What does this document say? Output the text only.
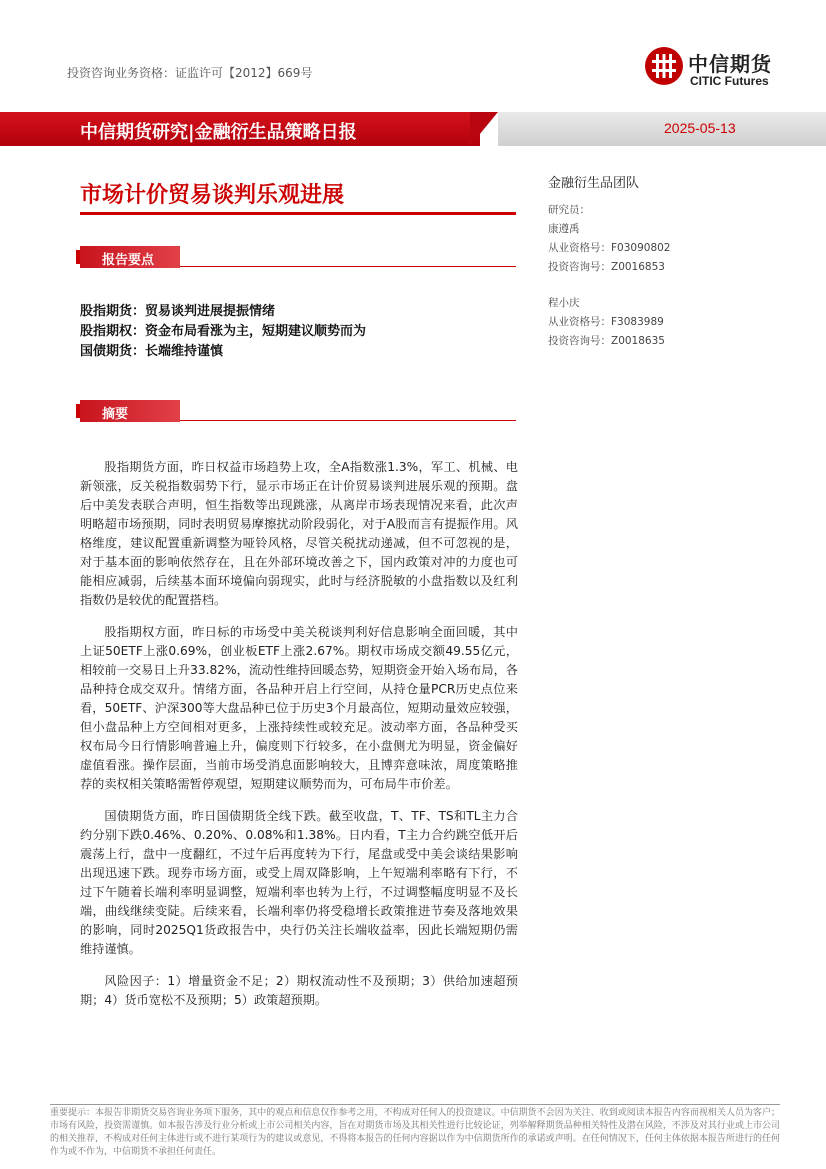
投资咨询业务资格：证监许可【2012】669号	中信期货
CITIC Futures
中信期货研究|金融衍生品策略日报	2025-05-13
市场计价贸易谈判乐观进展
报告要点
股指期货：贸易谈判进展提振情绪
股指期权：资金布局看涨为主，短期建议顺势而为
国债期货：长端维持谨慎
摘要

股指期货方面，昨日权益市场趋势上攻，全A指数涨1.3%，军工、机械、电新领涨，反关税指数弱势下行，显示市场正在计价贸易谈判进展乐观的预期。盘后中美发表联合声明，恒生指数等出现跳涨，从离岸市场表现情况来看，此次声明略超市场预期，同时表明贸易摩擦扰动阶段弱化，对于A股而言有提振作用。风格维度，建议配置重新调整为哑铃风格，尽管关税扰动递减，但不可忽视的是，对于基本面的影响依然存在，且在外部环境改善之下，国内政策对冲的力度也可能相应减弱，后续基本面环境偏向弱现实，此时与经济脱敏的小盘指数以及红利指数仍是较优的配置搭档。

股指期权方面，昨日标的市场受中美关税谈判利好信息影响全面回暖，其中上证50ETF上涨0.69%，创业板ETF上涨2.67%。期权市场成交额49.55亿元，相较前一交易日上升33.82%，流动性维持回暖态势，短期资金开始入场布局，各品种持仓成交双升。情绪方面，各品种开启上行空间，从持仓量PCR历史点位来看，50ETF、沪深300等大盘品种已位于历史3个月最高位，短期动量效应较强，但小盘品种上方空间相对更多，上涨持续性或较充足。波动率方面，各品种受买权布局今日行情影响普遍上升，偏度则下行较多，在小盘侧尤为明显，资金偏好虚值看涨。操作层面，当前市场受消息面影响较大，且博弈意味浓，周度策略推荐的卖权相关策略需暂停观望，短期建议顺势而为，可布局牛市价差。

国债期货方面，昨日国债期货全线下跌。截至收盘，T、TF、TS和TL主力合约分别下跌0.46%、0.20%、0.08%和1.38%。日内看，T主力合约跳空低开后震荡上行，盘中一度翻红，不过午后再度转为下行，尾盘或受中美会谈结果影响出现迅速下跌。现券市场方面，或受上周双降影响，上午短端利率略有下行，不过下午随着长端利率明显调整，短端利率也转为上行，不过调整幅度明显不及长端，曲线继续变陡。后续来看，长端利率仍将受稳增长政策推进节奏及落地效果的影响，同时2025Q1货政报告中，央行仍关注长端收益率，因此长端短期仍需维持谨慎。

风险因子：1）增量资金不足；2）期权流动性不及预期；3）供给加速超预期；4）货币宽松不及预期；5）政策超预期。

金融衍生品团队
研究员：
康遵禹
从业资格号：F03090802
投资咨询号：Z0016853
程小庆
从业资格号：F3083989
投资咨询号：Z0018635
重要提示：本报告非期货交易咨询业务项下服务，其中的观点和信息仅作参考之用，不构成对任何人的投资建议。中信期货不会因为关注、收到或阅读本报告内容而视相关人员为客户；市场有风险，投资需谨慎。如本报告涉及行业分析或上市公司相关内容，旨在对期货市场及其相关性进行比较论证，列举解释期货品种相关特性及潜在风险，不涉及对其行业或上市公司的相关推荐，不构成对任何主体进行或不进行某项行为的建议或意见，不得将本报告的任何内容据以作为中信期货所作的承诺或声明。在任何情况下，任何主体依据本报告所进行的任何作为或不作为，中信期货不承担任何责任。
